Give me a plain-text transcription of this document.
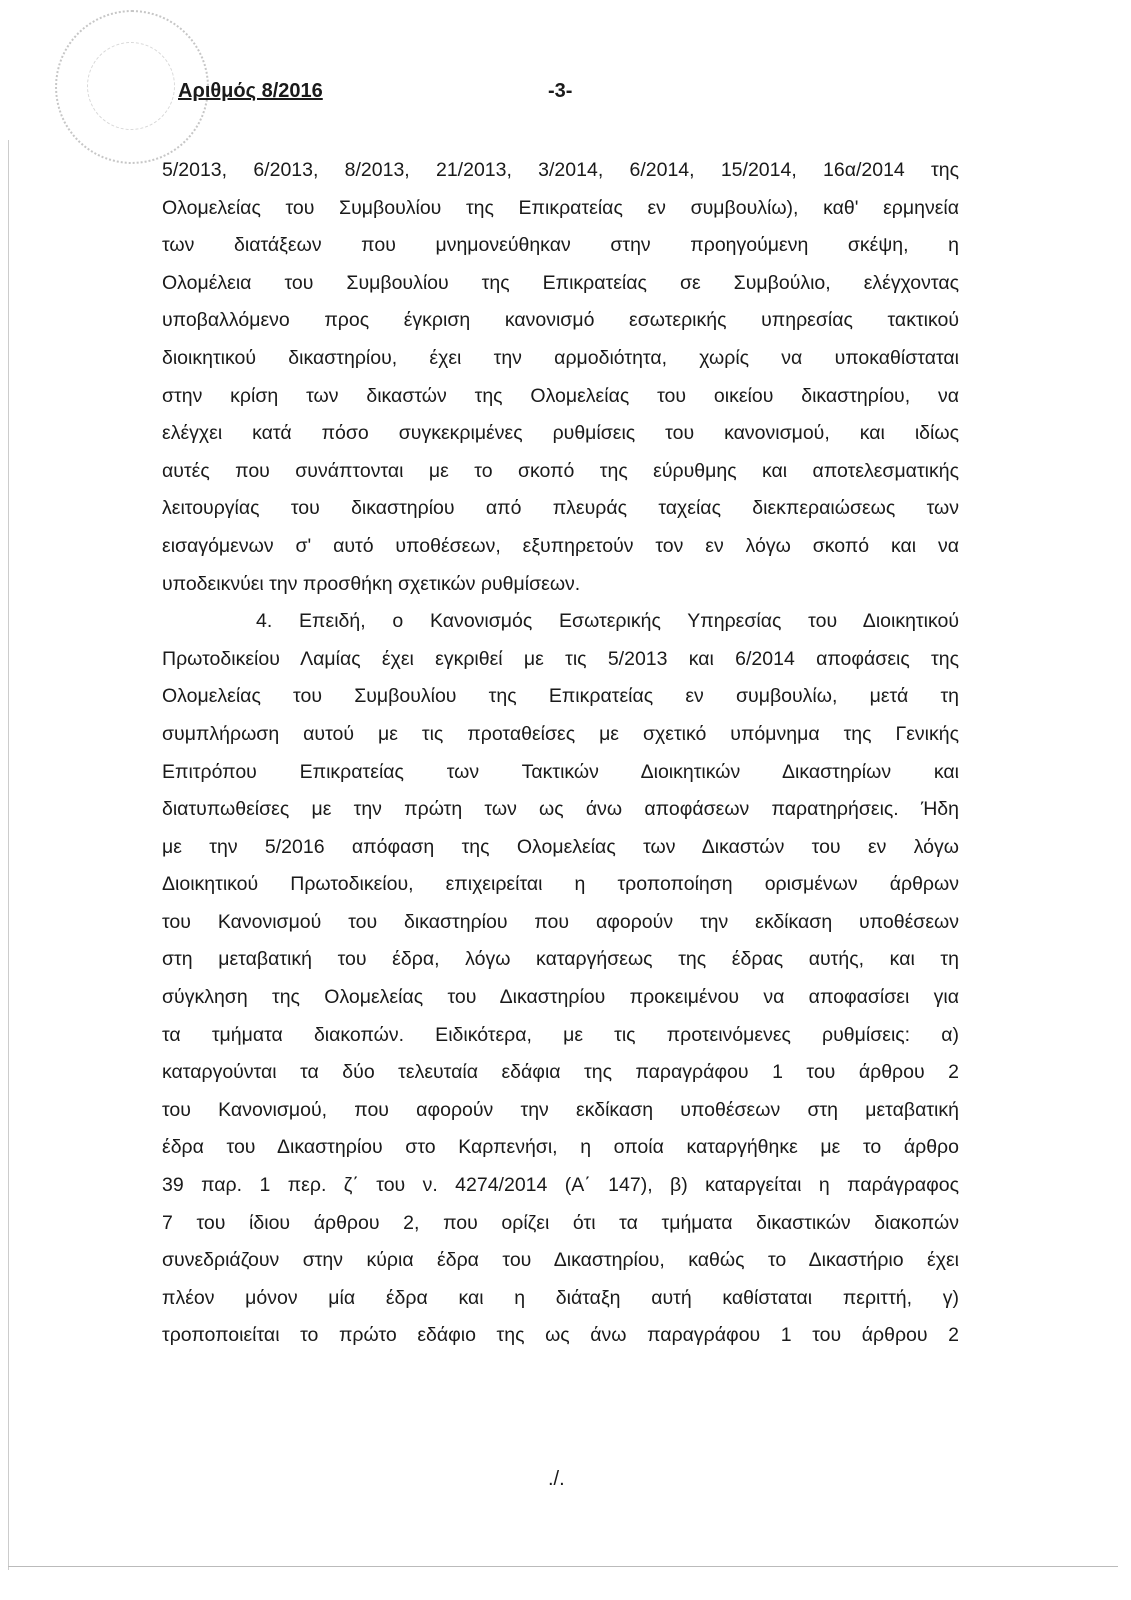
Αριθμός 8/2016	-3-
5/2013, 6/2013, 8/2013, 21/2013, 3/2014, 6/2014, 15/2014, 16α/2014 της
Ολομελείας του Συμβουλίου της Επικρατείας εν συμβουλίω), καθ' ερμηνεία
των διατάξεων που μνημονεύθηκαν στην προηγούμενη σκέψη, η
Ολομέλεια του Συμβουλίου της Επικρατείας σε Συμβούλιο, ελέγχοντας
υποβαλλόμενο προς έγκριση κανονισμό εσωτερικής υπηρεσίας τακτικού
διοικητικού δικαστηρίου, έχει την αρμοδιότητα, χωρίς να υποκαθίσταται
στην κρίση των δικαστών της Ολομελείας του οικείου δικαστηρίου, να
ελέγχει κατά πόσο συγκεκριμένες ρυθμίσεις του κανονισμού, και ιδίως
αυτές που συνάπτονται με το σκοπό της εύρυθμης και αποτελεσματικής
λειτουργίας του δικαστηρίου από πλευράς ταχείας διεκπεραιώσεως των
εισαγόμενων σ' αυτό υποθέσεων, εξυπηρετούν τον εν λόγω σκοπό και να
υποδεικνύει την προσθήκη σχετικών ρυθμίσεων.
4. Επειδή, ο Κανονισμός Εσωτερικής Υπηρεσίας του Διοικητικού
Πρωτοδικείου Λαμίας έχει εγκριθεί με τις 5/2013 και 6/2014 αποφάσεις της
Ολομελείας του Συμβουλίου της Επικρατείας εν συμβουλίω, μετά τη
συμπλήρωση αυτού με τις προταθείσες με σχετικό υπόμνημα της Γενικής
Επιτρόπου Επικρατείας των Τακτικών Διοικητικών Δικαστηρίων και
διατυπωθείσες με την πρώτη των ως άνω αποφάσεων παρατηρήσεις. Ήδη
με την 5/2016 απόφαση της Ολομελείας των Δικαστών του εν λόγω
Διοικητικού Πρωτοδικείου, επιχειρείται η τροποποίηση ορισμένων άρθρων
του Κανονισμού του δικαστηρίου που αφορούν την εκδίκαση υποθέσεων
στη μεταβατική του έδρα, λόγω καταργήσεως της έδρας αυτής, και τη
σύγκληση της Ολομελείας του Δικαστηρίου προκειμένου να αποφασίσει για
τα τμήματα διακοπών. Ειδικότερα, με τις προτεινόμενες ρυθμίσεις: α)
καταργούνται τα δύο τελευταία εδάφια της παραγράφου 1 του άρθρου 2
του Κανονισμού, που αφορούν την εκδίκαση υποθέσεων στη μεταβατική
έδρα του Δικαστηρίου στο Καρπενήσι, η οποία καταργήθηκε με το άρθρο
39 παρ. 1 περ. ζ΄ του ν. 4274/2014 (Α΄ 147), β) καταργείται η παράγραφος
7 του ίδιου άρθρου 2, που ορίζει ότι τα τμήματα δικαστικών διακοπών
συνεδριάζουν στην κύρια έδρα του Δικαστηρίου, καθώς το Δικαστήριο έχει
πλέον μόνον μία έδρα και η διάταξη αυτή καθίσταται περιττή, γ)
τροποποιείται το πρώτο εδάφιο της ως άνω παραγράφου 1 του άρθρου 2
./.
